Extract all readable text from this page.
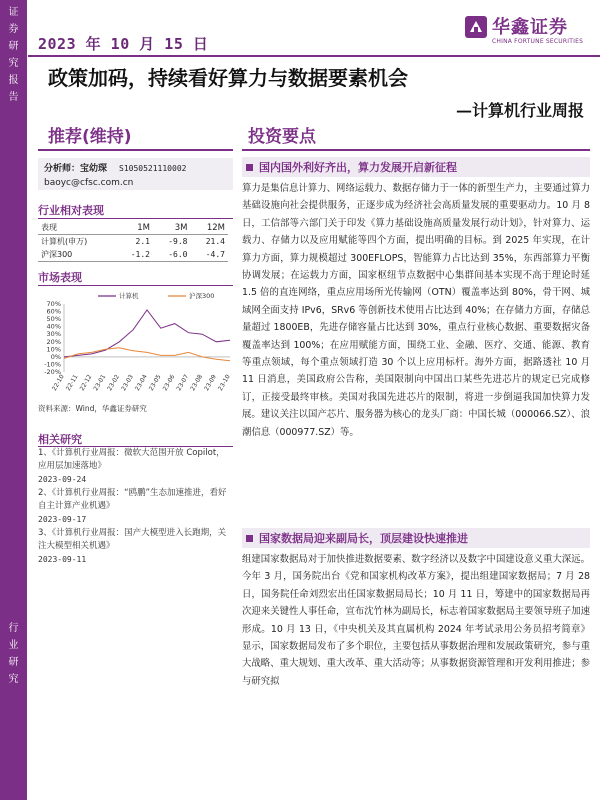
证
券
研
究
报
告
行
业
研
究
2023 年 10 月 15 日
华鑫证券
CHINA FORTUNE SECURITIES
政策加码，持续看好算力与数据要素机会
—计算机行业周报
推荐(维持)	投资要点
分析师：宝幼琛 S1050521110002
baoyc@cfsc.com.cn
行业相对表现
表现	1M	3M	12M
计算机(申万)	2.1	-9.8	21.4
沪深300	-1.2	-6.0	-4.7
市场表现
70%
60%
50%
40%
30%
20%
10%
0%
-10%
-20%
22-10 22-11 22-12 23-01 23-02 23-03 23-04 23-05 23-06 23-07 23-08 23-09 23-10
计算机	沪深300
资料来源：Wind，华鑫证券研究
相关研究
1、《计算机行业周报：微软大范围开放 Copilot，应用层加速落地》
2023-09-24
2、《计算机行业周报：“鸥鹏”生态加速推进，看好自主计算产业机遇》
2023-09-17
3、《计算机行业周报：国产大模型进入长跑期，关注大模型相关机遇》
2023-09-11
国内国外利好齐出，算力发展开启新征程
算力是集信息计算力、网络运载力、数据存储力于一体的新型生产力，主要通过算力基础设施向社会提供服务，正逐步成为经济社会高质量发展的重要驱动力。10 月 8 日，工信部等六部门关于印发《算力基础设施高质量发展行动计划》，针对算力、运载力、存储力以及应用赋能等四个方面，提出明确的目标。到 2025 年实现，在计算力方面，算力规模超过 300EFLOPS，智能算力占比达到 35%，东西部算力平衡协调发展；在运载力方面，国家枢纽节点数据中心集群间基本实现不高于理论时延 1.5 倍的直连网络，重点应用场所光传输网（OTN）覆盖率达到 80%，骨干网、城域网全面支持 IPv6，SRv6 等创新技术使用占比达到 40%；在存储力方面，存储总量超过 1800EB，先进存储容量占比达到 30%，重点行业核心数据、重要数据灾备覆盖率达到 100%；在应用赋能方面，围绕工业、金融、医疗、交通、能源、教育等重点领域，每个重点领域打造 30 个以上应用标杆。海外方面，据路透社 10 月 11 日消息，美国政府公告称，美国限制向中国出口某些先进芯片的规定已完成修订，正接受最终审核。美国对我国先进芯片的限制，将进一步倒逼我国加快算力发展。建议关注以国产芯片、服务器为核心的龙头厂商：中国长城（000066.SZ）、浪潮信息（000977.SZ）等。
国家数据局迎来副局长，顶层建设快速推进
组建国家数据局对于加快推进数据要素、数字经济以及数字中国建设意义重大深远。今年 3 月，国务院出台《党和国家机构改革方案》，提出组建国家数据局；7 月 28 日，国务院任命刘烈宏出任国家数据局局长；10 月 11 日，筹建中的国家数据局再次迎来关键性人事任命，宣布沈竹林为副局长，标志着国家数据局主要领导班子加速形成。10 月 13 日，《中央机关及其直属机构 2024 年考试录用公务员招考简章》显示，国家数据局发布了多个职位，主要包括从事数据治理和发展政策研究，参与重大战略、重大规划、重大改革、重大活动等；从事数据资源管理和开发利用推进；参与研究拟
